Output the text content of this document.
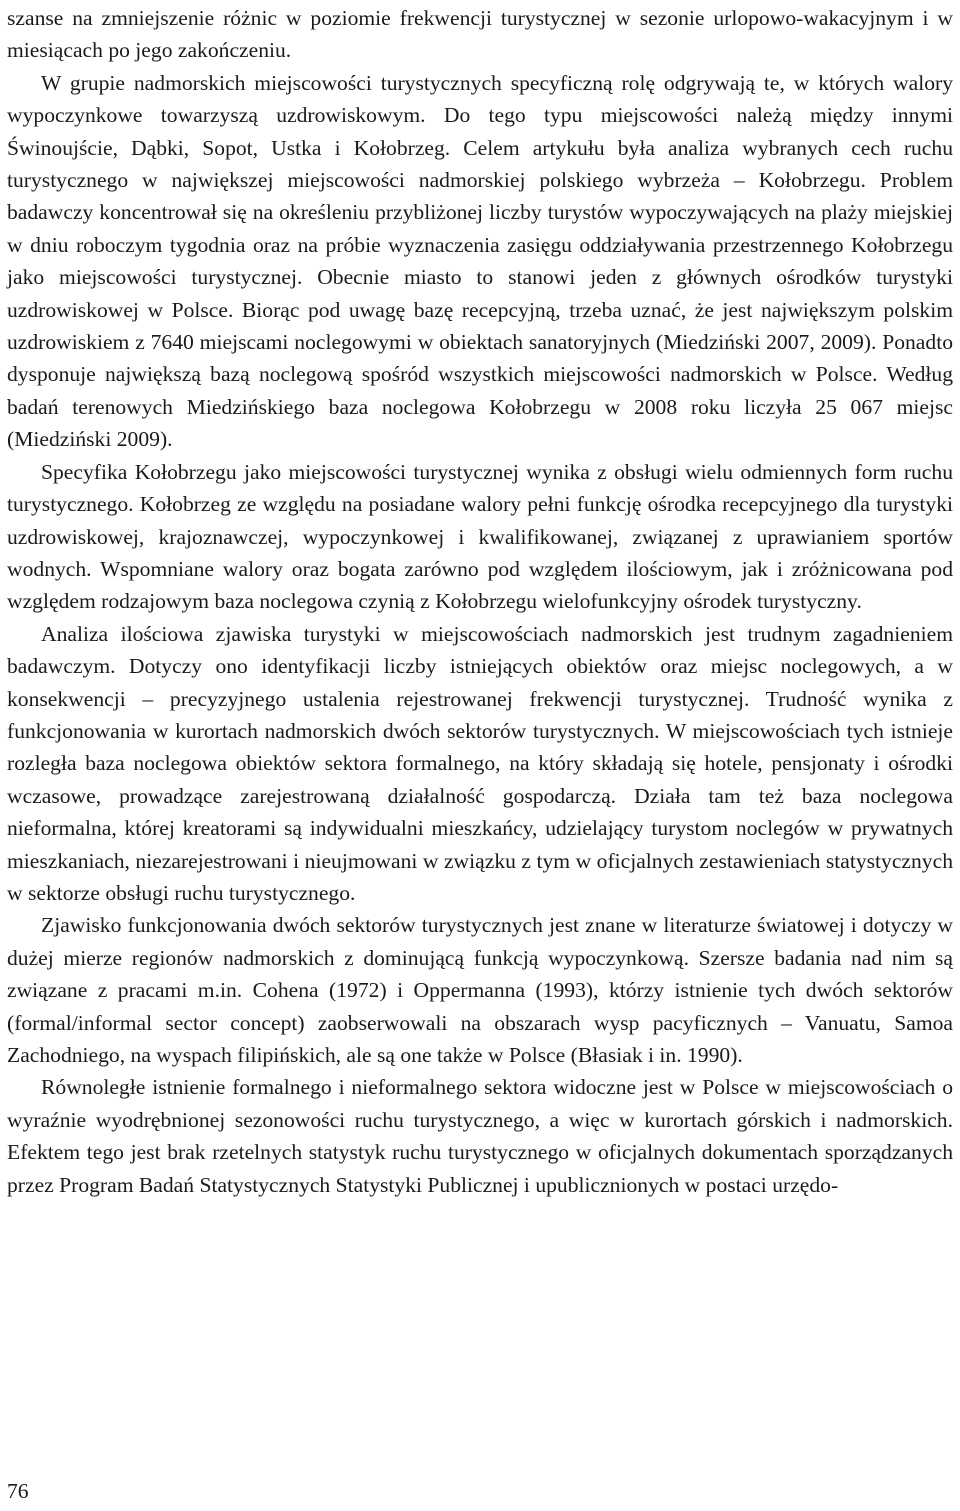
szanse na zmniejszenie różnic w poziomie frekwencji turystycznej w sezonie urlopowo-wakacyjnym i w miesiącach po jego zakończeniu.

W grupie nadmorskich miejscowości turystycznych specyficzną rolę odgrywają te, w których walory wypoczynkowe towarzyszą uzdrowiskowym. Do tego typu miejscowości należą między innymi Świnoujście, Dąbki, Sopot, Ustka i Kołobrzeg. Celem artykułu była analiza wybranych cech ruchu turystycznego w największej miejscowości nadmorskiej polskiego wybrzeża – Kołobrzegu. Problem badawczy koncentrował się na określeniu przybliżonej liczby turystów wypoczywających na plaży miejskiej w dniu roboczym tygodnia oraz na próbie wyznaczenia zasięgu oddziaływania przestrzennego Kołobrzegu jako miejscowości turystycznej. Obecnie miasto to stanowi jeden z głównych ośrodków turystyki uzdrowiskowej w Polsce. Biorąc pod uwagę bazę recepcyjną, trzeba uznać, że jest największym polskim uzdrowiskiem z 7640 miejscami noclegowymi w obiektach sanatoryjnych (Miedziński 2007, 2009). Ponadto dysponuje największą bazą noclegową spośród wszystkich miejscowości nadmorskich w Polsce. Według badań terenowych Miedzińskiego baza noclegowa Kołobrzegu w 2008 roku liczyła 25 067 miejsc (Miedziński 2009).

Specyfika Kołobrzegu jako miejscowości turystycznej wynika z obsługi wielu odmiennych form ruchu turystycznego. Kołobrzeg ze względu na posiadane walory pełni funkcję ośrodka recepcyjnego dla turystyki uzdrowiskowej, krajoznawczej, wypoczynkowej i kwalifikowanej, związanej z uprawianiem sportów wodnych. Wspomniane walory oraz bogata zarówno pod względem ilościowym, jak i zróżnicowana pod względem rodzajowym baza noclegowa czynią z Kołobrzegu wielofunkcyjny ośrodek turystyczny.

Analiza ilościowa zjawiska turystyki w miejscowościach nadmorskich jest trudnym zagadnieniem badawczym. Dotyczy ono identyfikacji liczby istniejących obiektów oraz miejsc noclegowych, a w konsekwencji – precyzyjnego ustalenia rejestrowanej frekwencji turystycznej. Trudność wynika z funkcjonowania w kurortach nadmorskich dwóch sektorów turystycznych. W miejscowościach tych istnieje rozległa baza noclegowa obiektów sektora formalnego, na który składają się hotele, pensjonaty i ośrodki wczasowe, prowadzące zarejestrowaną działalność gospodarczą. Działa tam też baza noclegowa nieformalna, której kreatorami są indywidualni mieszkańcy, udzielający turystom noclegów w prywatnych mieszkaniach, niezarejestrowani i nieujmowani w związku z tym w oficjalnych zestawieniach statystycznych w sektorze obsługi ruchu turystycznego.

Zjawisko funkcjonowania dwóch sektorów turystycznych jest znane w literaturze światowej i dotyczy w dużej mierze regionów nadmorskich z dominującą funkcją wypoczynkową. Szersze badania nad nim są związane z pracami m.in. Cohena (1972) i Oppermanna (1993), którzy istnienie tych dwóch sektorów (formal/informal sector concept) zaobserwowali na obszarach wysp pacyficznych – Vanuatu, Samoa Zachodniego, na wyspach filipińskich, ale są one także w Polsce (Błasiak i in. 1990).

Równoległe istnienie formalnego i nieformalnego sektora widoczne jest w Polsce w miejscowościach o wyraźnie wyodrębnionej sezonowości ruchu turystycznego, a więc w kurortach górskich i nadmorskich. Efektem tego jest brak rzetelnych statystyk ruchu turystycznego w oficjalnych dokumentach sporządzanych przez Program Badań Statystycznych Statystyki Publicznej i upublicznionych w postaci urzędo-

76
